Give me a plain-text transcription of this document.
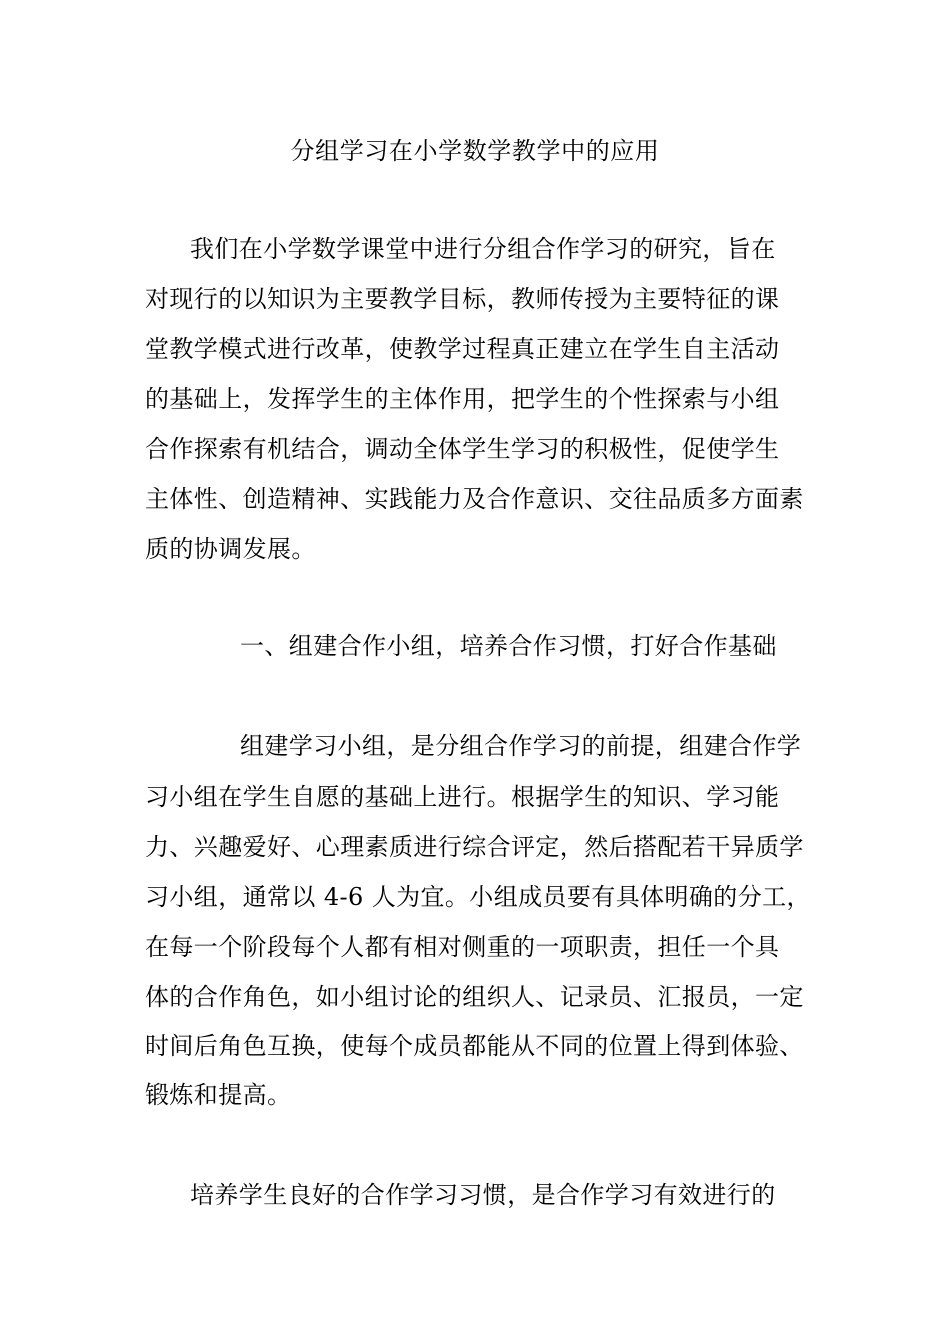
分组学习在小学数学教学中的应用
我们在小学数学课堂中进行分组合作学习的研究，旨在
对现行的以知识为主要教学目标，教师传授为主要特征的课
堂教学模式进行改革，使教学过程真正建立在学生自主活动
的基础上，发挥学生的主体作用，把学生的个性探索与小组
合作探索有机结合，调动全体学生学习的积极性，促使学生
主体性、创造精神、实践能力及合作意识、交往品质多方面素
质的协调发展。
一、组建合作小组，培养合作习惯，打好合作基础
组建学习小组，是分组合作学习的前提，组建合作学
习小组在学生自愿的基础上进行。根据学生的知识、学习能
力、兴趣爱好、心理素质进行综合评定，然后搭配若干异质学
习小组，通常以 4-6 人为宜。小组成员要有具体明确的分工，
在每一个阶段每个人都有相对侧重的一项职责，担任一个具
体的合作角色，如小组讨论的组织人、记录员、汇报员，一定
时间后角色互换，使每个成员都能从不同的位置上得到体验、
锻炼和提高。
培养学生良好的合作学习习惯，是合作学习有效进行的
